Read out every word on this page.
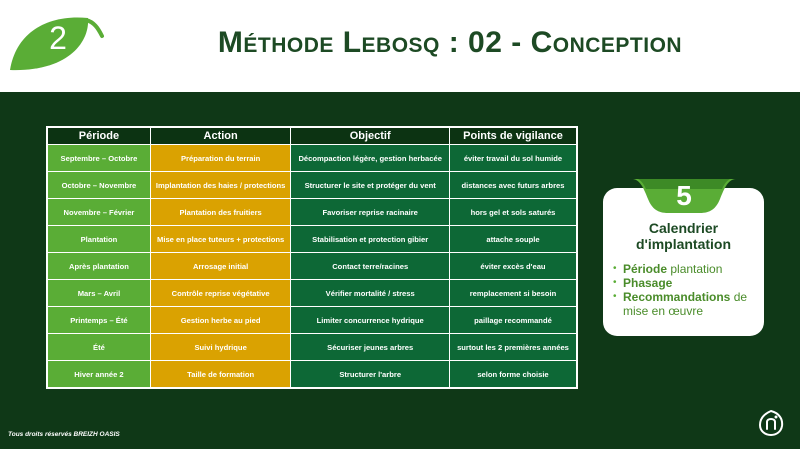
2	Méthode Lebosq : 02 - Conception
Période	Action	Objectif	Points de vigilance
Septembre – Octobre	Préparation du terrain	Décompaction légère, gestion herbacée	éviter travail du sol humide
Octobre – Novembre	Implantation des haies / protections	Structurer le site et protéger du vent	distances avec futurs arbres
Novembre – Février	Plantation des fruitiers	Favoriser reprise racinaire	hors gel et sols saturés
Plantation	Mise en place tuteurs + protections	Stabilisation et protection gibier	attache souple
Après plantation	Arrosage initial	Contact terre/racines	éviter excès d'eau
Mars – Avril	Contrôle reprise végétative	Vérifier mortalité / stress	remplacement si besoin
Printemps – Été	Gestion herbe au pied	Limiter concurrence hydrique	paillage recommandé
Été	Suivi hydrique	Sécuriser jeunes arbres	surtout les 2 premières années
Hiver année 2	Taille de formation	Structurer l'arbre	selon forme choisie
5
Calendrier
d'implantation
• Période plantation
• Phasage
• Recommandations de mise en œuvre
Tous droits réservés BREIZH OASIS
